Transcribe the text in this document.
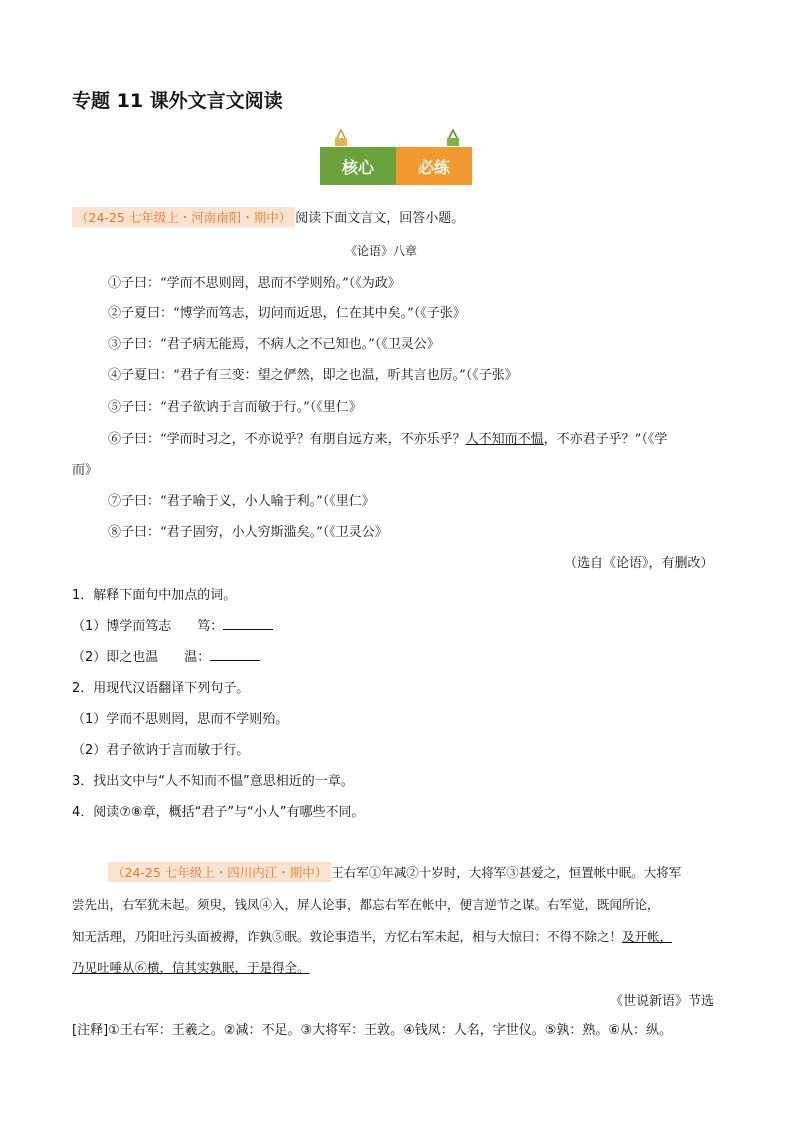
专题 11 课外文言文阅读
核心	必练
（24-25 七年级上・河南南阳・期中） 阅读下面文言文，回答小题。
《论语》八章
①子曰：“学而不思则罔，思而不学则殆。”（《为政》
②子夏曰：“博学而笃志，切问而近思，仁在其中矣。”（《子张》
③子曰：“君子病无能焉，不病人之不己知也。”（《卫灵公》
④子夏曰：“君子有三变：望之俨然，即之也温，听其言也厉。”（《子张》
⑤子曰：“君子欲讷于言而敏于行。”（《里仁》
⑥子曰：“学而时习之，不亦说乎？有朋自远方来，不亦乐乎？人不知而不愠，不亦君子乎？”（《学
而》
⑦子曰：“君子喻于义，小人喻于利。”（《里仁》
⑧子曰：“君子固穷，小人穷斯滥矣。”（《卫灵公》
（选自《论语》，有删改）
1．解释下面句中加点的词。
（1）博学而笃志　　笃：
（2）即之也温　　温：
2．用现代汉语翻译下列句子。
（1）学而不思则罔，思而不学则殆。
（2）君子欲讷于言而敏于行。
3．找出文中与“人不知而不愠”意思相近的一章。
4．阅读⑦⑧章，概括“君子”与“小人”有哪些不同。
（24-25 七年级上・四川内江・期中） 王右军①年减②十岁时，大将军③甚爱之，恒置帐中眠。大将军
尝先出，右军犹未起。须臾，钱凤④入，屏人论事，都忘右军在帐中，便言逆节之谋。右军觉，既闻所论，
知无活理，乃阳吐污头面被褥，诈孰⑤眠。敦论事造半，方忆右军未起，相与大惊曰：不得不除之！及开帐，
乃见吐唾从⑥横，信其实孰眠，于是得全。
《世说新语》节选
[注释]①王右军：王羲之。②减：不足。③大将军：王敦。④钱凤：人名，字世仪。⑤孰：熟。⑥从：纵。
